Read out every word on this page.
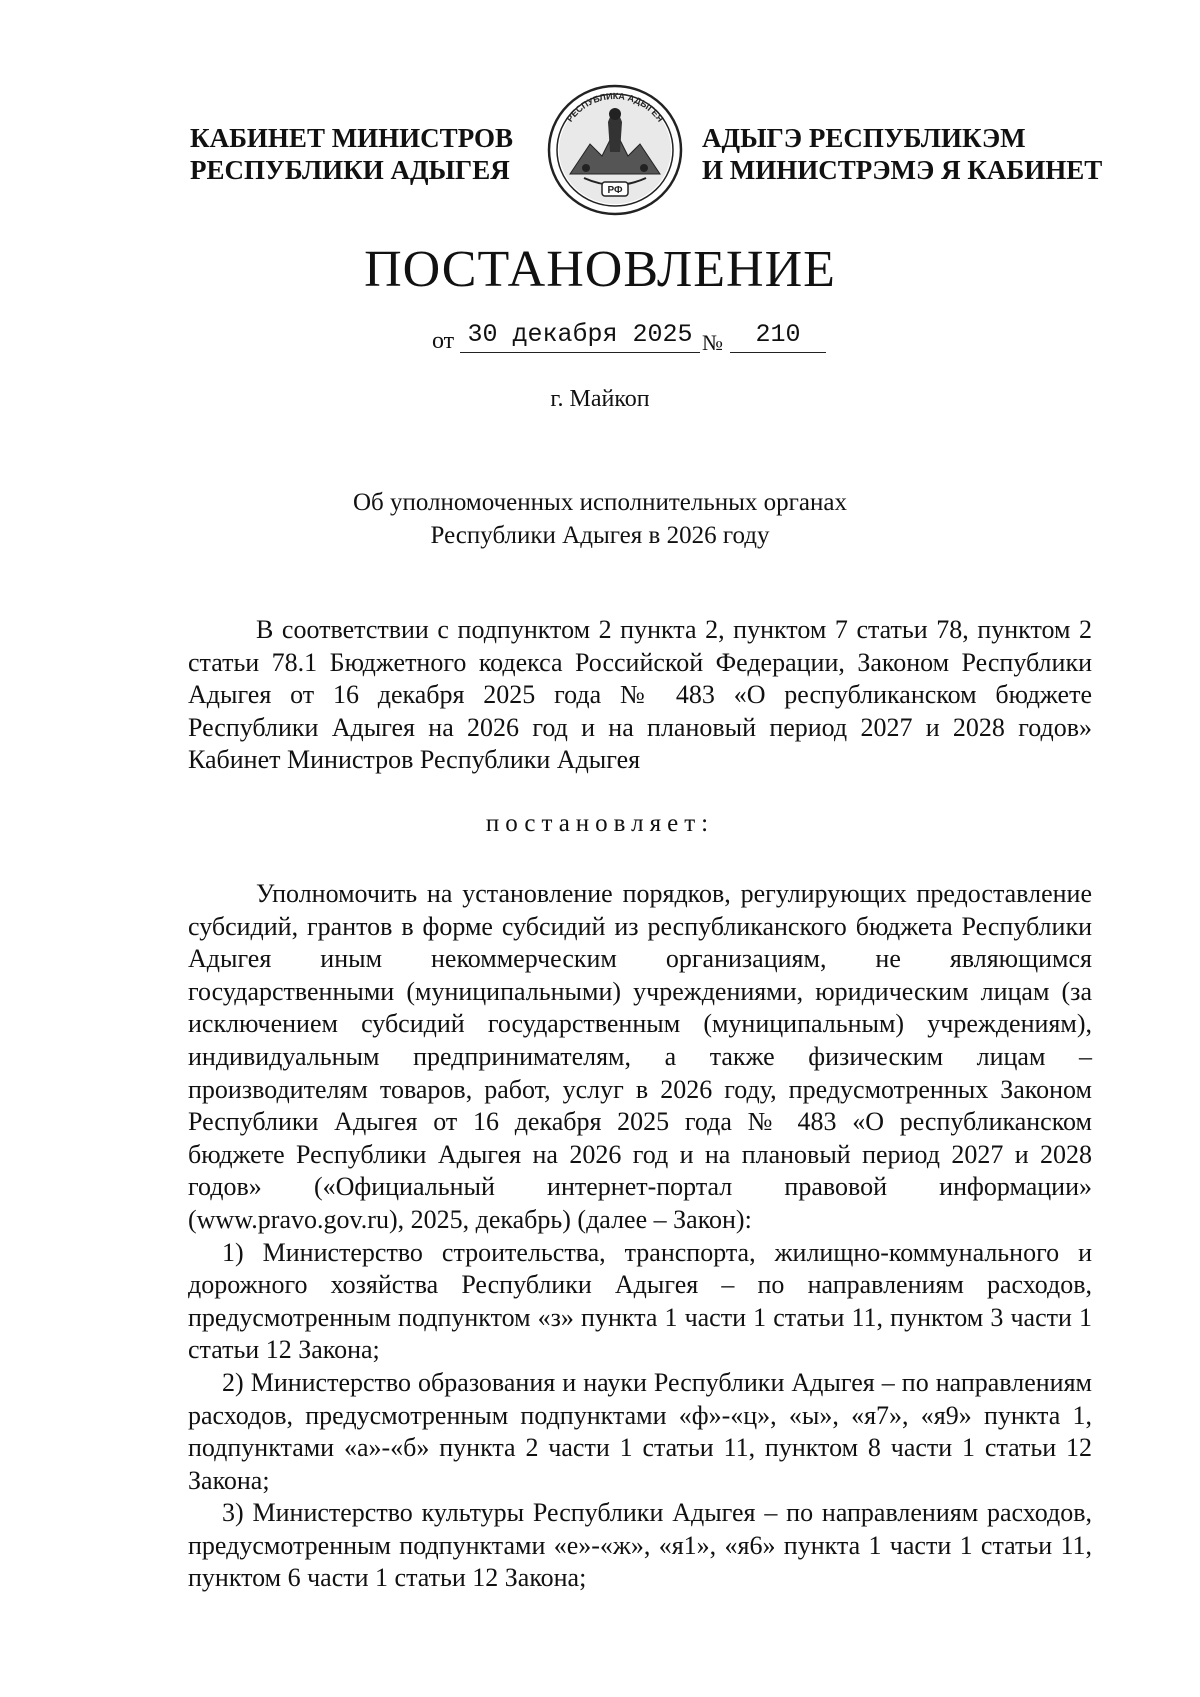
КАБИНЕТ МИНИСТРОВ
РЕСПУБЛИКИ АДЫГЕЯ
РЕСПУБЛИКА АДЫГЕЯ
РФ
АДЫГЭ РЕСПУБЛИКЭМ
И МИНИСТРЭМЭ Я КАБИНЕТ
ПОСТАНОВЛЕНИЕ
от 30 декабря 2025 №	210
г. Майкоп
Об уполномоченных исполнительных органах
Республики Адыгея в 2026 году

В соответствии с подпунктом 2 пункта 2, пунктом 7 статьи 78, пунктом 2 статьи 78.1 Бюджетного кодекса Российской Федерации, Законом Республики Адыгея от 16 декабря 2025 года № 483 «О республиканском бюджете Республики Адыгея на 2026 год и на плановый период 2027 и 2028 годов» Кабинет Министров Республики Адыгея

постановляет:

Уполномочить на установление порядков, регулирующих предоставление субсидий, грантов в форме субсидий из республиканского бюджета Республики Адыгея иным некоммерческим организациям, не являющимся государственными (муниципальными) учреждениями, юридическим лицам (за исключением субсидий государственным (муниципальным) учреждениям), индивидуальным предпринимателям, а также физическим лицам – производителям товаров, работ, услуг в 2026 году, предусмотренных Законом Республики Адыгея от 16 декабря 2025 года № 483 «О республиканском бюджете Республики Адыгея на 2026 год и на плановый период 2027 и 2028 годов» («Официальный интернет-портал правовой информации» (www.pravo.gov.ru), 2025, декабрь) (далее – Закон):

1) Министерство строительства, транспорта, жилищно-коммунального и дорожного хозяйства Республики Адыгея – по направлениям расходов, предусмотренным подпунктом «з» пункта 1 части 1 статьи 11, пунктом 3 части 1 статьи 12 Закона;

2) Министерство образования и науки Республики Адыгея – по направлениям расходов, предусмотренным подпунктами «ф»-«ц», «ы», «я7», «я9» пункта 1, подпунктами «а»-«б» пункта 2 части 1 статьи 11, пунктом 8 части 1 статьи 12 Закона;

3) Министерство культуры Республики Адыгея – по направлениям расходов, предусмотренным подпунктами «е»-«ж», «я1», «я6» пункта 1 части 1 статьи 11, пунктом 6 части 1 статьи 12 Закона;
